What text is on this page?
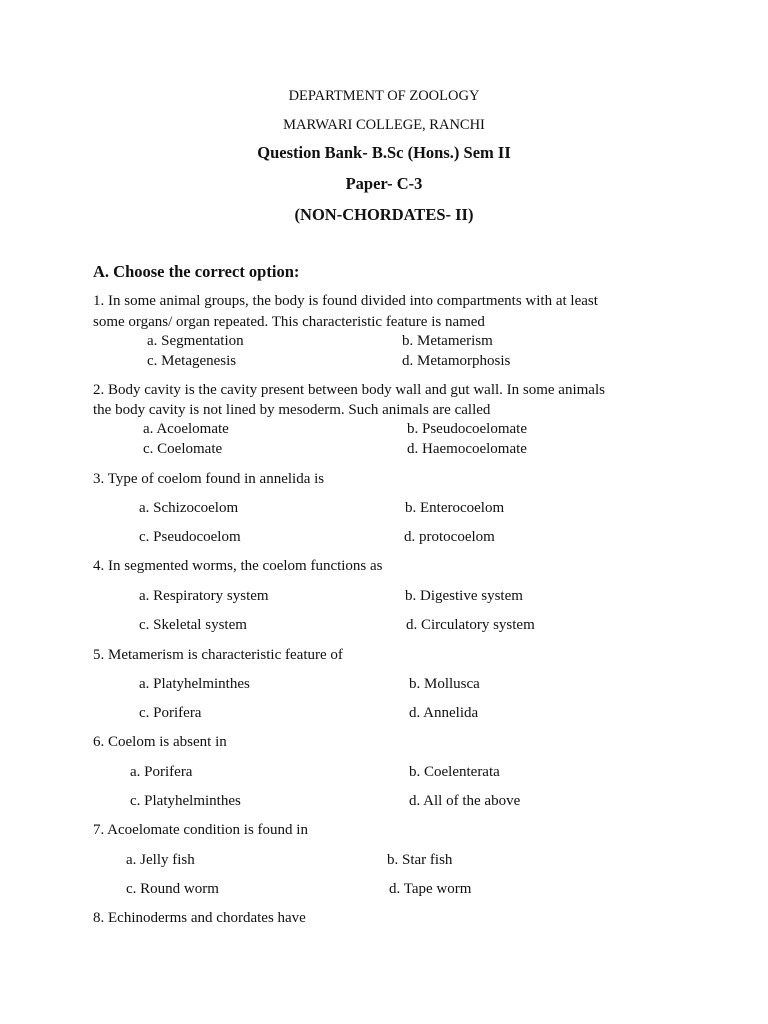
DEPARTMENT OF ZOOLOGY
MARWARI COLLEGE, RANCHI
Question Bank- B.Sc (Hons.) Sem II
Paper- C-3
(NON-CHORDATES- II)
A. Choose the correct option:
1. In some animal groups, the body is found divided into compartments with at least
some organs/ organ repeated. This characteristic feature is named
a. Segmentation	b. Metamerism
c. Metagenesis	d. Metamorphosis
2. Body cavity is the cavity present between body wall and gut wall. In some animals
the body cavity is not lined by mesoderm. Such animals are called
a. Acoelomate	b. Pseudocoelomate
c. Coelomate	d. Haemocoelomate
3. Type of coelom found in annelida is
a. Schizocoelom	b. Enterocoelom
c. Pseudocoelom	d. protocoelom
4. In segmented worms, the coelom functions as
a. Respiratory system	b. Digestive system
c. Skeletal system	d. Circulatory system
5. Metamerism is characteristic feature of
a. Platyhelminthes	b. Mollusca
c. Porifera	d. Annelida
6. Coelom is absent in
a. Porifera	b. Coelenterata
c. Platyhelminthes	d. All of the above
7. Acoelomate condition is found in
a. Jelly fish	b. Star fish
c. Round worm	d. Tape worm
8. Echinoderms and chordates have
